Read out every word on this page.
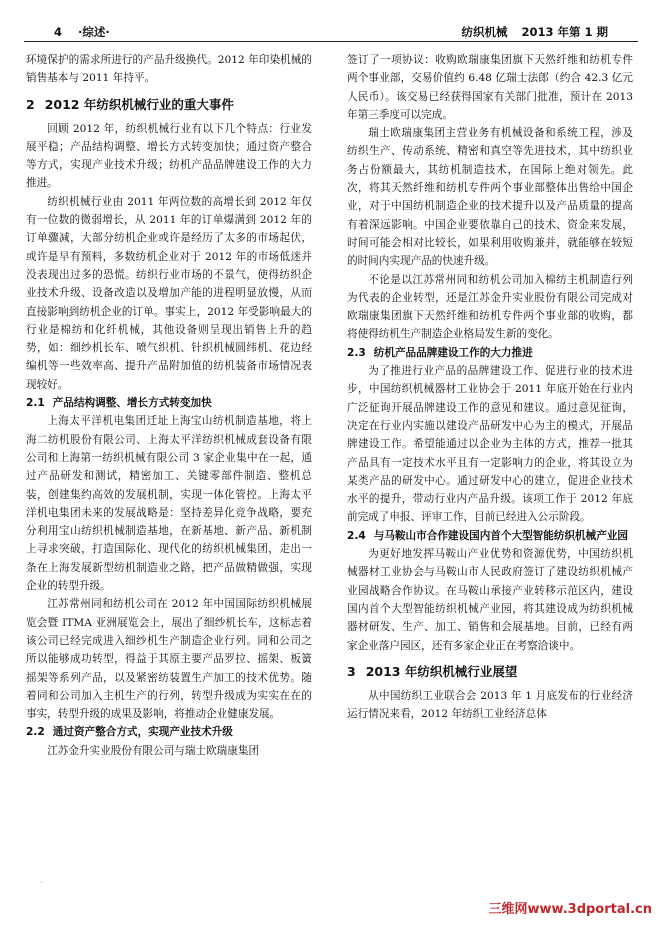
4 ·综述·	纺织机械 2013 年第 1 期

环境保护的需求所进行的产品升级换代。2012 年印染机械的销售基本与 2011 年持平。

2 2012 年纺织机械行业的重大事件

回顾 2012 年，纺织机械行业有以下几个特点：行业发展平稳；产品结构调整、增长方式转变加快；通过资产整合等方式，实现产业技术升级；纺机产品品牌建设工作的大力推进。

纺织机械行业由 2011 年两位数的高增长到 2012 年仅有一位数的微弱增长，从 2011 年的订单爆满到 2012 年的订单骤减，大部分纺机企业或许是经历了太多的市场起伏，或许是早有预料，多数纺机企业对于 2012 年的市场低迷并没表现出过多的恐慌。纺织行业市场的不景气，使得纺织企业技术升级、设备改造以及增加产能的进程明显放慢，从而直接影响到纺机企业的订单。事实上，2012 年受影响最大的行业是棉纺和化纤机械，其他设备则呈现出销售上升的趋势，如：细纱机长车、喷气织机、针织机械圆纬机、花边经编机等一些效率高、提升产品附加值的纺机装备市场情况表现较好。

2.1 产品结构调整、增长方式转变加快

上海太平洋机电集团迁址上海宝山纺机制造基地，将上海二纺机股份有限公司、上海太平洋纺织机械成套设备有限公司和上海第一纺织机械有限公司 3 家企业集中在一起，通过产品研发和测试，精密加工、关键零部件制造、整机总装，创建集约高效的发展机制，实现一体化管控。上海太平洋机电集团未来的发展战略是：坚持差异化竞争战略，要充分利用宝山纺织机械制造基地，在新基地、新产品、新机制上寻求突破，打造国际化、现代化的纺织机械集团，走出一条在上海发展新型纺机制造业之路，把产品做精做强，实现企业的转型升级。

江苏常州同和纺机公司在 2012 年中国国际纺织机械展览会暨 ITMA 亚洲展览会上，展出了细纱机长车，这标志着该公司已经完成进入细纱机生产制造企业行列。同和公司之所以能够成功转型，得益于其原主要产品罗拉、摇架、板簧摇架等系列产品，以及紧密纺装置生产加工的技术优势。随着同和公司加入主机生产的行列，转型升级成为实实在在的事实，转型升级的成果及影响，将推动企业健康发展。

2.2 通过资产整合方式，实现产业技术升级

江苏金升实业股份有限公司与瑞士欧瑞康集团

签订了一项协议：收购欧瑞康集团旗下天然纤维和纺机专件两个事业部，交易价值约 6.48 亿瑞士法郎（约合 42.3 亿元人民币）。该交易已经获得国家有关部门批准，预计在 2013 年第三季度可以完成。

瑞士欧瑞康集团主营业务有机械设备和系统工程，涉及纺织生产、传动系统、精密和真空等先进技术，其中纺织业务占份额最大，其纺机制造技术，在国际上绝对领先。此次，将其天然纤维和纺机专件两个事业部整体出售给中国企业，对于中国纺机制造企业的技术提升以及产品质量的提高有着深远影响。中国企业要依靠自己的技术、资金来发展，时间可能会相对比较长，如果利用收购兼并，就能够在较短的时间内实现产品的快速升级。

不论是以江苏常州同和纺机公司加入棉纺主机制造行列为代表的企业转型，还是江苏金升实业股份有限公司完成对欧瑞康集团旗下天然纤维和纺机专件两个事业部的收购，都将使得纺机生产制造企业格局发生新的变化。

2.3 纺机产品品牌建设工作的大力推进

为了推进行业产品的品牌建设工作、促进行业的技术进步，中国纺织机械器材工业协会于 2011 年底开始在行业内广泛征询开展品牌建设工作的意见和建议。通过意见征询，决定在行业内实施以建设产品研发中心为主的模式，开展品牌建设工作。希望能通过以企业为主体的方式，推荐一批其产品具有一定技术水平且有一定影响力的企业，将其设立为某类产品的研发中心。通过研发中心的建立，促进企业技术水平的提升，带动行业内产品升级。该项工作于 2012 年底前完成了申报、评审工作，目前已经进入公示阶段。

2.4 与马鞍山市合作建设国内首个大型智能纺织机械产业园

为更好地发挥马鞍山产业优势和资源优势，中国纺织机械器材工业协会与马鞍山市人民政府签订了建设纺织机械产业园战略合作协议。在马鞍山承接产业转移示范区内，建设国内首个大型智能纺织机械产业园，将其建设成为纺织机械器材研发、生产、加工、销售和会展基地。目前，已经有两家企业落户园区，还有多家企业正在考察洽谈中。

3 2013 年纺织机械行业展望

从中国纺织工业联合会 2013 年 1 月底发布的行业经济运行情况来看，2012 年纺织工业经济总体

·
三维网www.3dportal.cn
